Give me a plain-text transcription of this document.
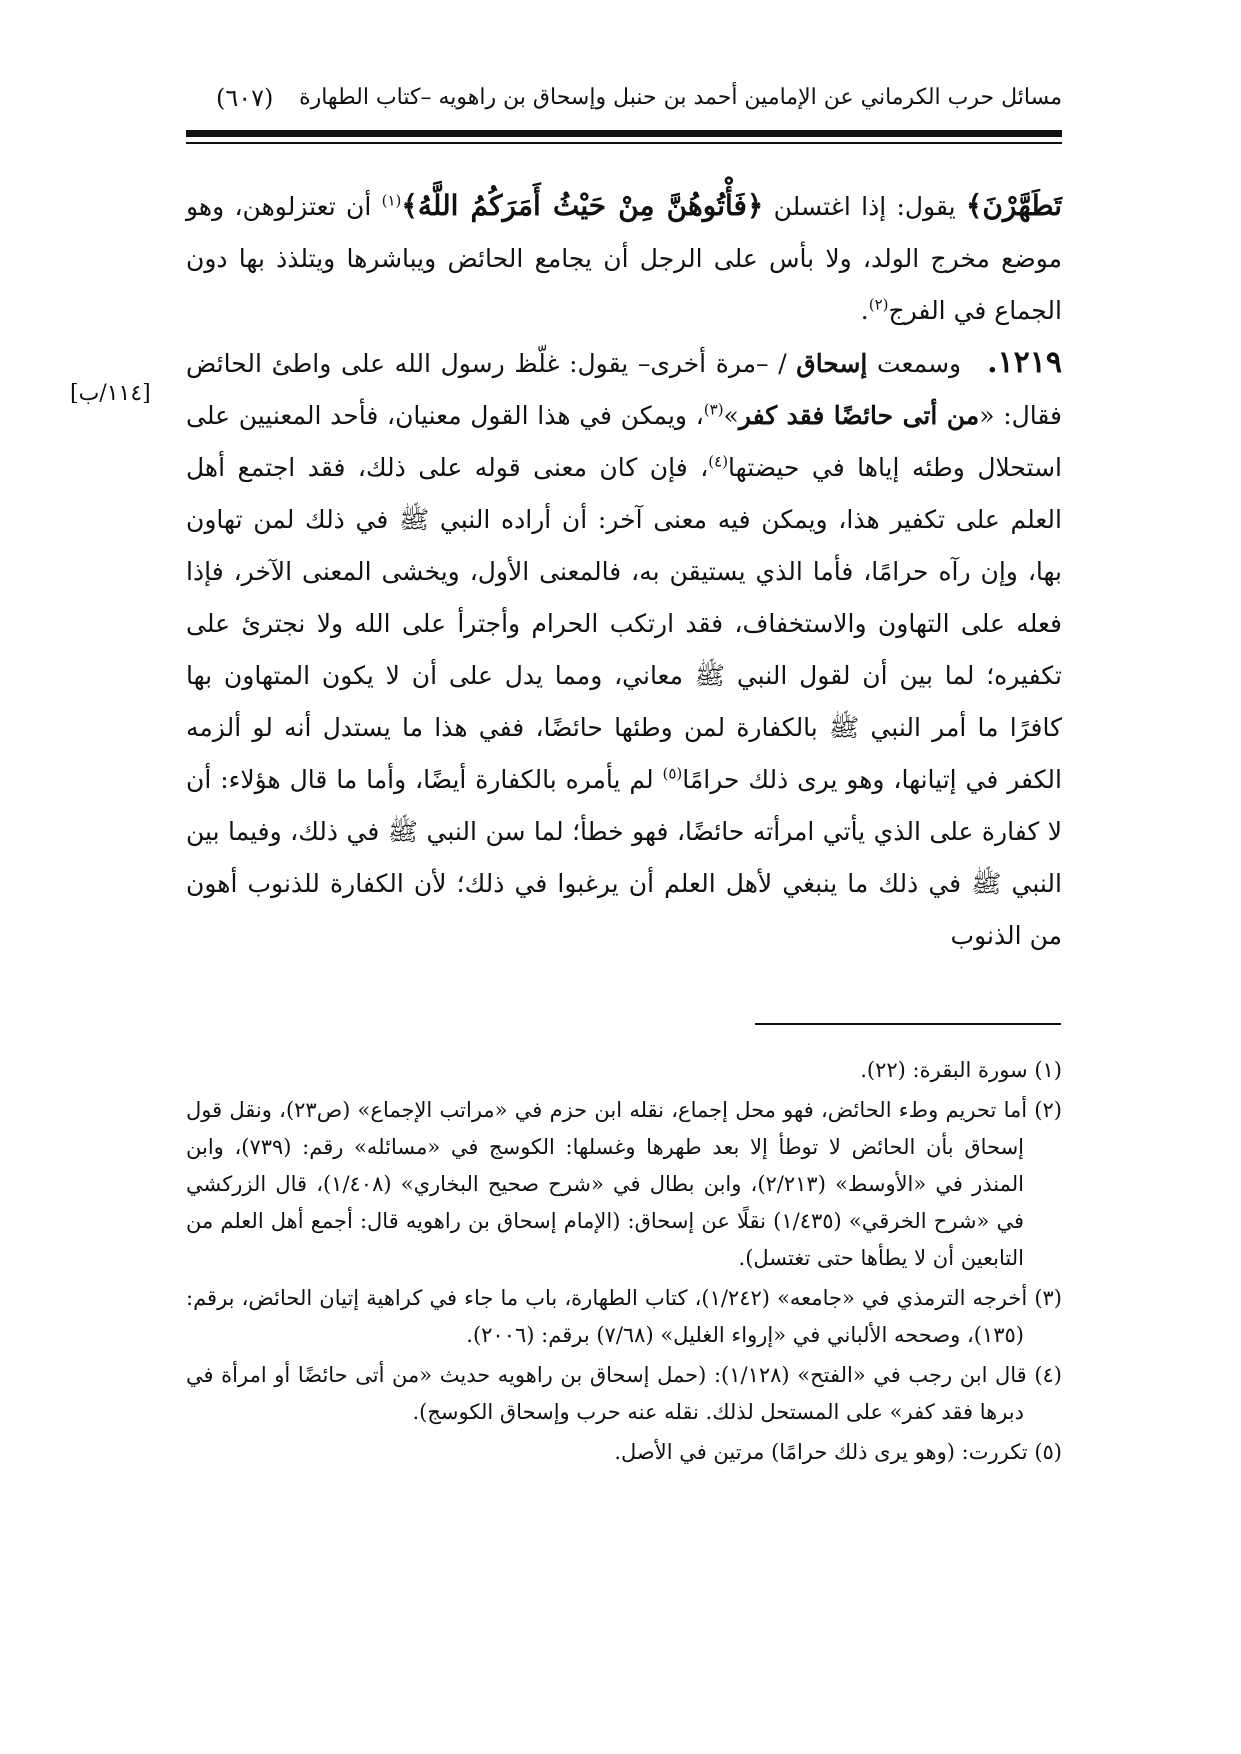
مسائل حرب الكرماني عن الإمامين أحمد بن حنبل وإسحاق بن راهويه –كتاب الطهارة
(٦٠٧)
[١١٤/ب]

تَطَهَّرْنَ﴾ يقول: إذا اغتسلن ﴿فَأْتُوهُنَّ مِنْ حَيْثُ أَمَرَكُمُ اللَّهُ﴾$^{(١)}$ أن تعتزلوهن، وهو موضع مخرج الولد، ولا بأس على الرجل أن يجامع الحائض ويباشرها ويتلذذ بها دون الجماع في الفرج$^{(٢)}$.

١٢١٩.وسمعت إسحاق / –مرة أخرى– يقول: غلّظ رسول الله على واطئ الحائض فقال: «من أتى حائضًا فقد كفر»$^{(٣)}$، ويمكن في هذا القول معنيان، فأحد المعنيين على استحلال وطئه إياها في حيضتها$^{(٤)}$، فإن كان معنى قوله على ذلك، فقد اجتمع أهل العلم على تكفير هذا، ويمكن فيه معنى آخر: أن أراده النبي ﷺ في ذلك لمن تهاون بها، وإن رآه حرامًا، فأما الذي يستيقن به، فالمعنى الأول، ويخشى المعنى الآخر، فإذا فعله على التهاون والاستخفاف، فقد ارتكب الحرام وأجترأ على الله ولا نجترئ على تكفيره؛ لما بين أن لقول النبي ﷺ معاني، ومما يدل على أن لا يكون المتهاون بها كافرًا ما أمر النبي ﷺ بالكفارة لمن وطئها حائضًا، ففي هذا ما يستدل أنه لو ألزمه الكفر في إتيانها، وهو يرى ذلك حرامًا$^{(٥)}$ لم يأمره بالكفارة أيضًا، وأما ما قال هؤلاء: أن لا كفارة على الذي يأتي امرأته حائضًا، فهو خطأ؛ لما سن النبي ﷺ في ذلك، وفيما بين النبي ﷺ في ذلك ما ينبغي لأهل العلم أن يرغبوا في ذلك؛ لأن الكفارة للذنوب أهون من الذنوب

(١) سورة البقرة: (٢٢).

(٢) أما تحريم وطء الحائض، فهو محل إجماع، نقله ابن حزم في «مراتب الإجماع» (ص٢٣)، ونقل قول إسحاق بأن الحائض لا توطأ إلا بعد طهرها وغسلها: الكوسج في «مسائله» رقم: (٧٣٩)، وابن المنذر في «الأوسط» (٢/٢١٣)، وابن بطال في «شرح صحيح البخاري» (١/٤٠٨)، قال الزركشي في «شرح الخرقي» (١/٤٣٥) نقلًا عن إسحاق: (الإمام إسحاق بن راهويه قال: أجمع أهل العلم من التابعين أن لا يطأها حتى تغتسل).

(٣) أخرجه الترمذي في «جامعه» (١/٢٤٢)، كتاب الطهارة، باب ما جاء في كراهية إتيان الحائض، برقم: (١٣٥)، وصححه الألباني في «إرواء الغليل» (٧/٦٨) برقم: (٢٠٠٦).

(٤) قال ابن رجب في «الفتح» (١/١٢٨): (حمل إسحاق بن راهويه حديث «من أتى حائضًا أو امرأة في دبرها فقد كفر» على المستحل لذلك. نقله عنه حرب وإسحاق الكوسج).

(٥) تكررت: (وهو يرى ذلك حرامًا) مرتين في الأصل.
